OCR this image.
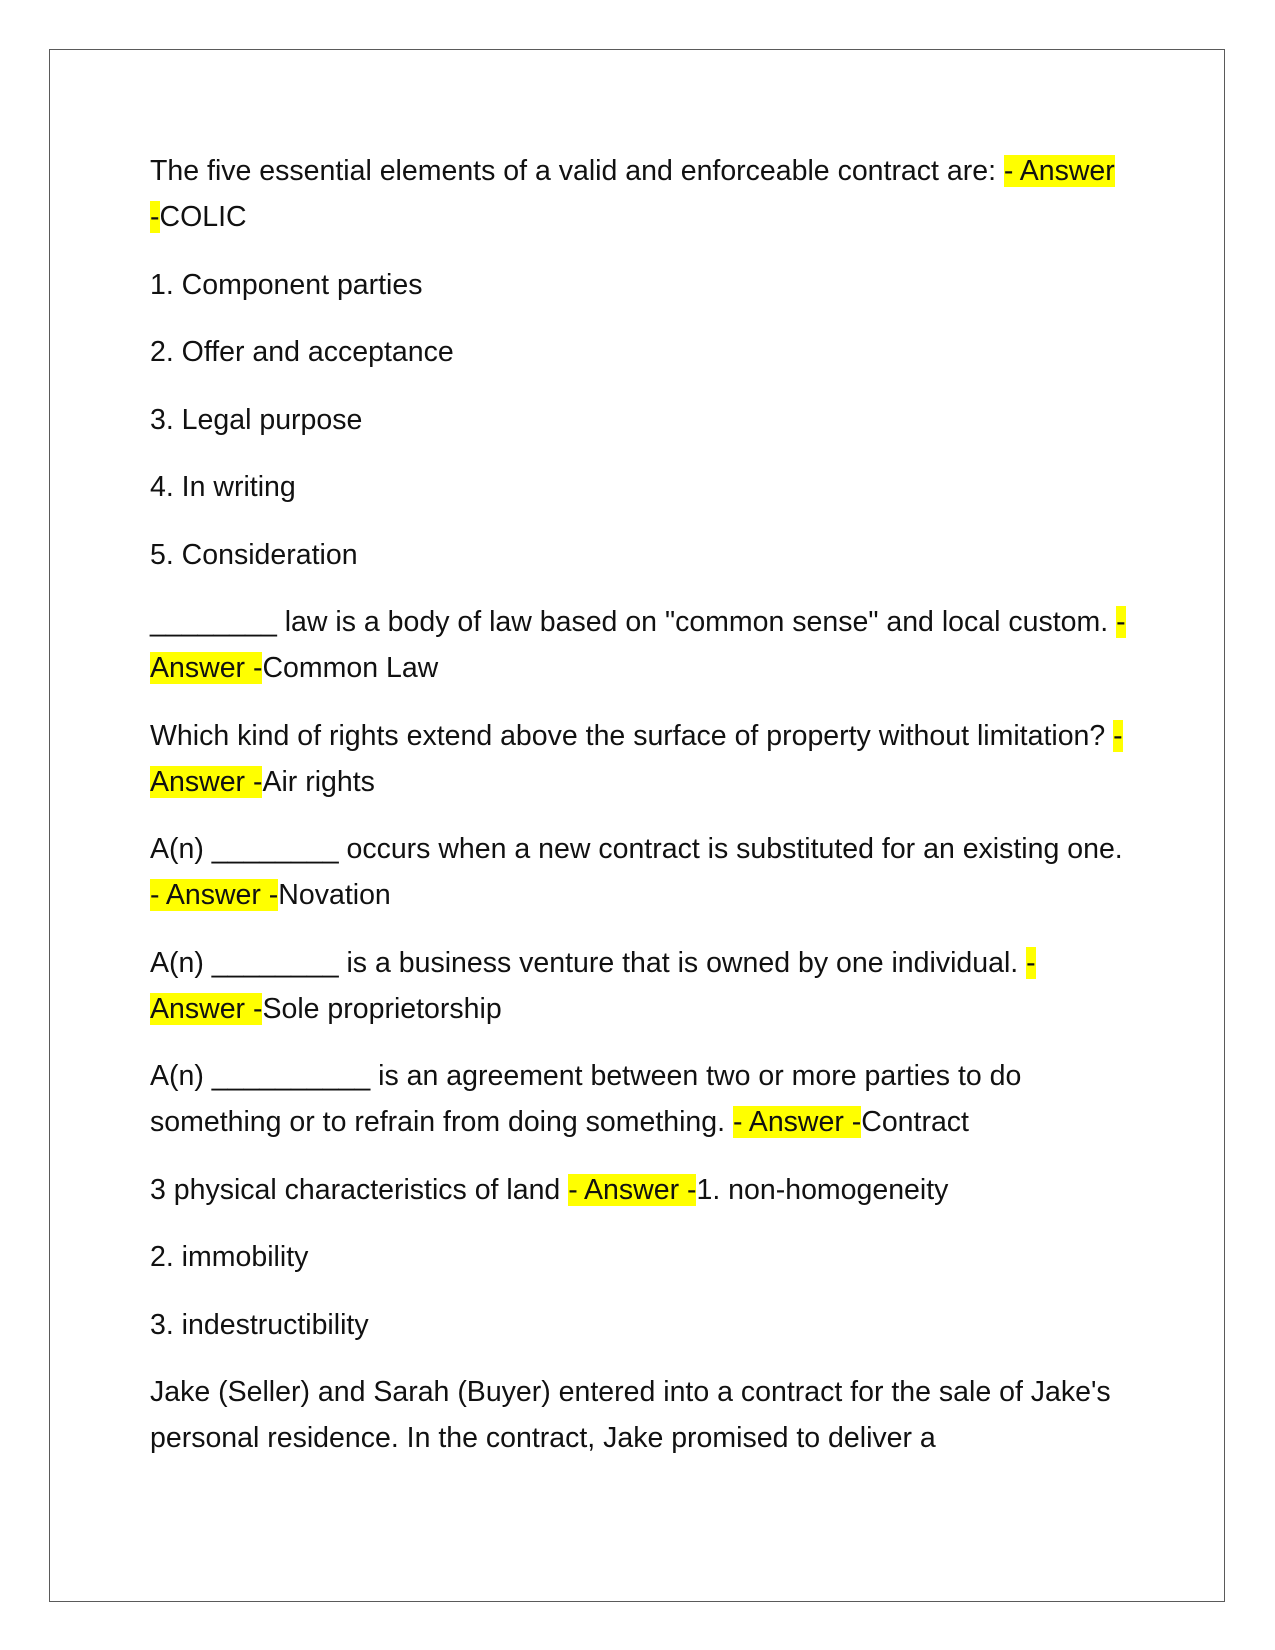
The five essential elements of a valid and enforceable contract are: - Answer -COLIC

1. Component parties

2. Offer and acceptance

3. Legal purpose

4. In writing

5. Consideration

________ law is a body of law based on "common sense" and local custom. - Answer -Common Law

Which kind of rights extend above the surface of property without limitation? - Answer -Air rights

A(n) ________ occurs when a new contract is substituted for an existing one. - Answer -Novation

A(n) ________ is a business venture that is owned by one individual. - Answer -Sole proprietorship

A(n) __________ is an agreement between two or more parties to do something or to refrain from doing something. - Answer -Contract

3 physical characteristics of land - Answer -1. non-homogeneity

2. immobility

3. indestructibility

Jake (Seller) and Sarah (Buyer) entered into a contract for the sale of Jake's personal residence. In the contract, Jake promised to deliver a
